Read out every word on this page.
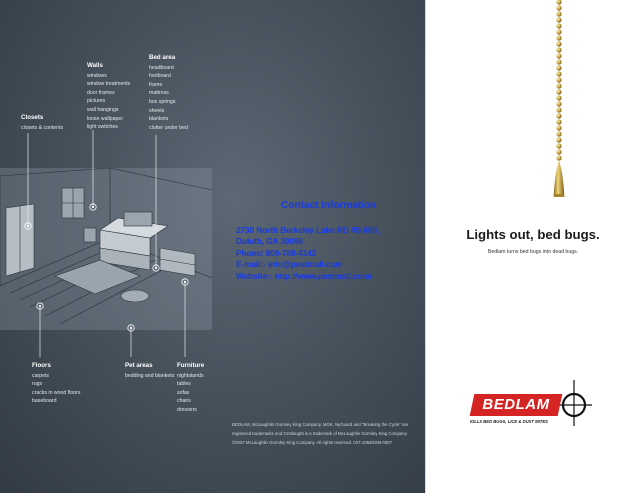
Closets
closets & contents
Walls
windows
window treatments
door frames
pictures
wall hangings
loose wallpaper
light switches
Bed area
headboard
footboard
frame
mattress
box springs
sheets
blankets
clutter under bed
Floors
carpets
rugs
cracks in wood floors
baseboard
Pet areas
bedding and blankets
Furniture
nightstands
tables
sofas
chairs
dressers
Contact Information
2730 North Berkeley Lake RD #B 600,
Duluth, GA 30096
Phone: 800-788-4142
E-mail:- info@pestmall.com
Website:- http://www.pestmall.com/
BEDLAM, McLaughlin Gormley King Company, MGK, NyGuard and "Breaking the Cycle" are
registered trademarks and OnSlaught is a trademark of McLaughlin Gormley King Company.
©2007 McLaughlin Gormley King Company. All rights reserved. 037-1059/10M-0307
Lights out, bed bugs.
Bedlam turns bed bugs into dead bugs.
BEDLAM
KILLS BED BUGS, LICE & DUST MITES
